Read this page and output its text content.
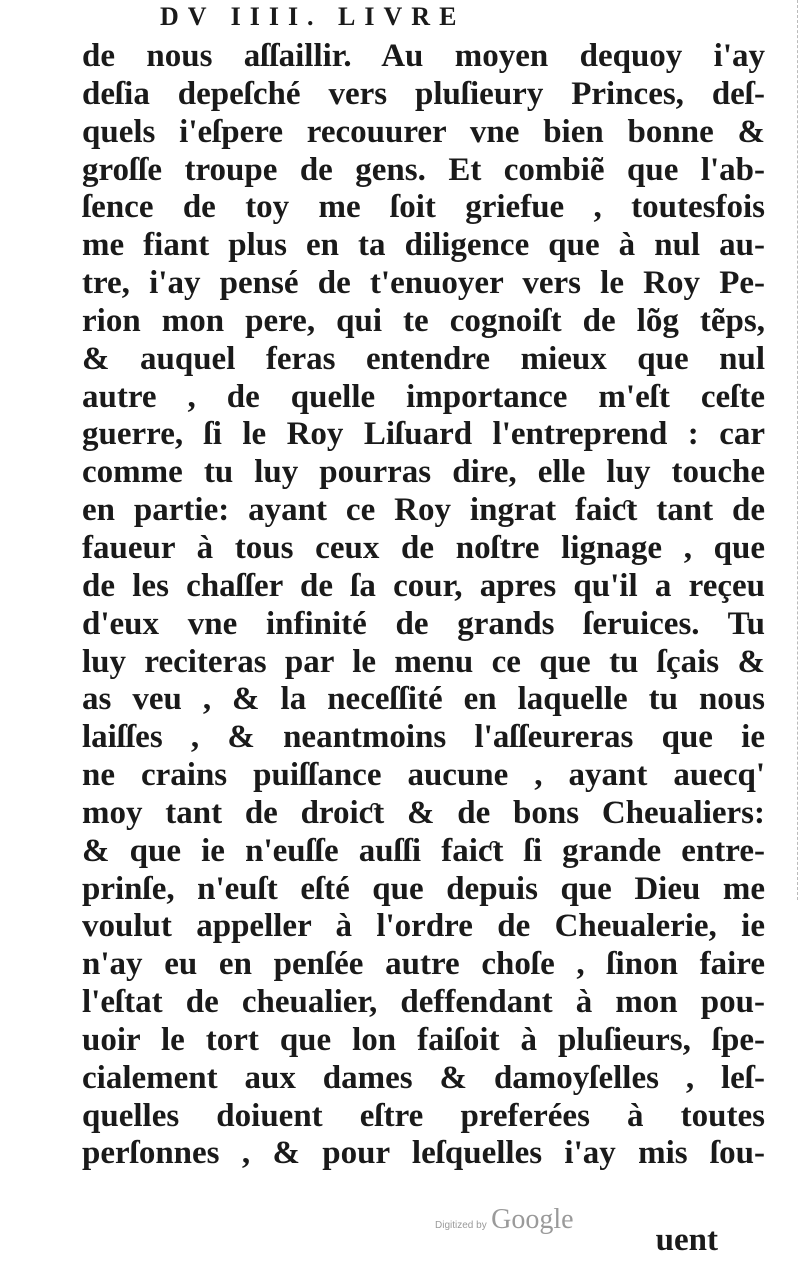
DV IIII. LIVRE
de nous aſſaillir. Au moyen dequoy i'ay
deſia depeſché vers pluſieury Princes, deſ-
quels i'eſpere recouurer vne bien bonne &
groſſe troupe de gens. Et combiẽ que l'ab-
ſence de toy me ſoit griefue , toutesfois
me fiant plus en ta diligence que à nul au-
tre, i'ay pensé de t'enuoyer vers le Roy Pe-
rion mon pere, qui te cognoiſt de lõg tẽps,
& auquel feras entendre mieux que nul
autre , de quelle importance m'eſt ceſte
guerre, ſi le Roy Liſuard l'entreprend : car
comme tu luy pourras dire, elle luy touche
en partie: ayant ce Roy ingrat faiƈt tant de
faueur à tous ceux de noſtre lignage , que
de les chaſſer de ſa cour, apres qu'il a reçeu
d'eux vne infinité de grands ſeruices. Tu
luy reciteras par le menu ce que tu ſçais &
as veu , & la neceſſité en laquelle tu nous
laiſſes , & neantmoins l'aſſeureras que ie
ne crains puiſſance aucune , ayant auecq'
moy tant de droiƈt & de bons Cheualiers:
& que ie n'euſſe auſſi faiƈt ſi grande entre-
prinſe, n'euſt eſté que depuis que Dieu me
voulut appeller à l'ordre de Cheualerie, ie
n'ay eu en penſée autre choſe , ſinon faire
l'eſtat de cheualier, deffendant à mon pou-
uoir le tort que lon faiſoit à pluſieurs, ſpe-
cialement aux dames & damoyſelles , leſ-
quelles doiuent eſtre preferées à toutes
perſonnes , & pour leſquelles i'ay mis ſou-
Digitized by Google
uent
